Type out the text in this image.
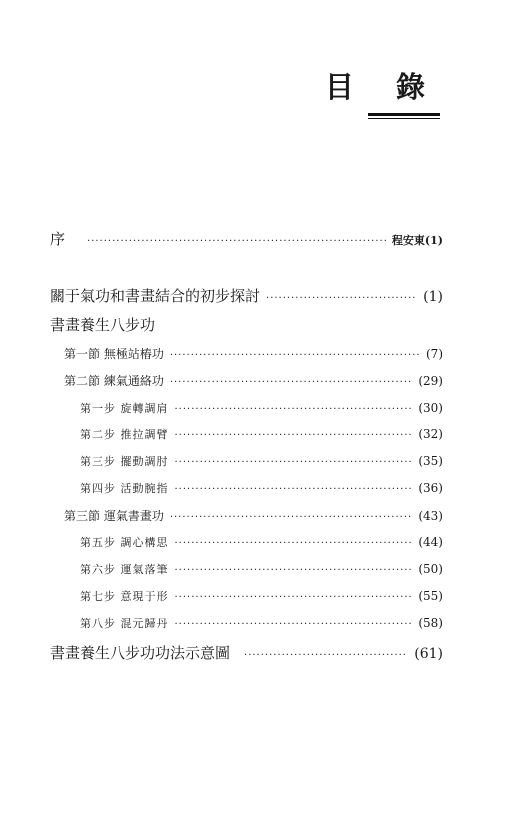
目 錄
序 ·····	程安東(1)
關于氣功和書畫結合的初步探討 ·····	(1)
書畫養生八步功
第一節 無極站樁功 ·····	(7)
第二節 練氣通絡功 ·····	(29)
第一步 旋轉調肩 ·····	(30)
第二步 推拉調臂 ·····	(32)
第三步 擺動調肘 ·····	(35)
第四步 活動腕指 ·····	(36)
第三節 運氣書畫功 ·····	(43)
第五步 調心構思 ·····	(44)
第六步 運氣落筆 ·····	(50)
第七步 意現于形 ·····	(55)
第八步 混元歸丹 ·····	(58)
書畫養生八步功功法示意圖 ·····	(61)
